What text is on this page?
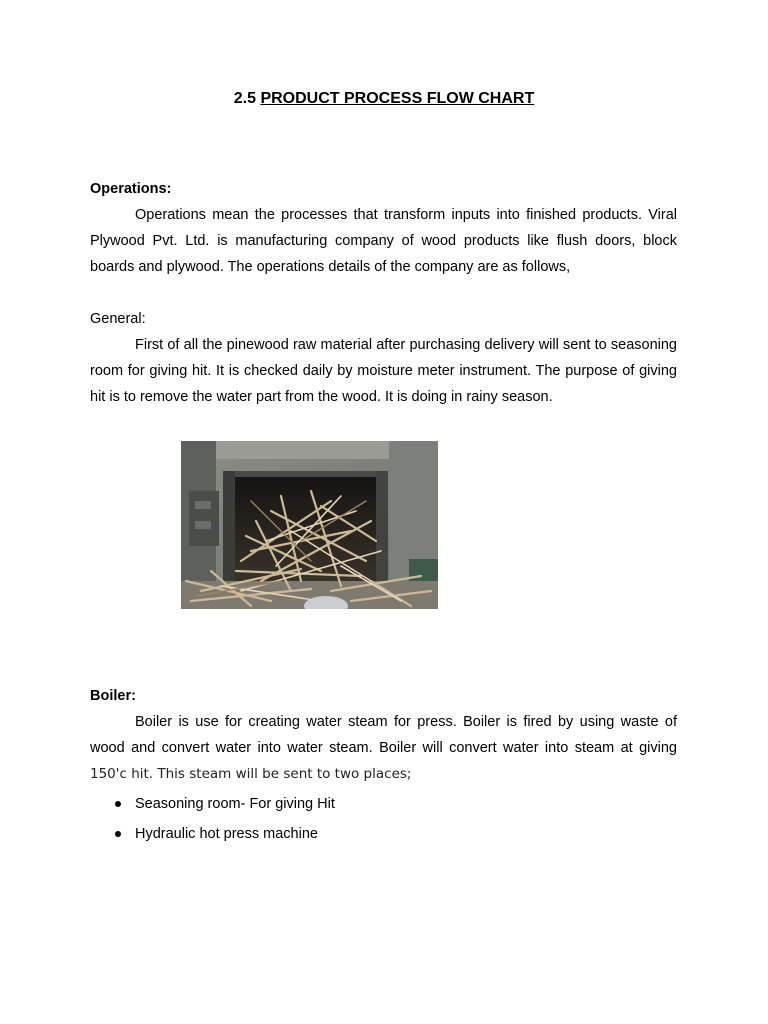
2.5 PRODUCT PROCESS FLOW CHART
Operations:
Operations mean the processes that transform inputs into finished products. Viral Plywood Pvt. Ltd. is manufacturing company of wood products like flush doors, block boards and plywood. The operations details of the company are as follows,
General:
First of all the pinewood raw material after purchasing delivery will sent to seasoning room for giving hit. It is checked daily by moisture meter instrument. The purpose of giving hit is to remove the water part from the wood. It is doing in rainy season.
Boiler:
Boiler is use for creating water steam for press. Boiler is fired by using waste of wood and convert water into water steam. Boiler will convert water into steam at giving 150'c hit. This steam will be sent to two places;
Seasoning room- For giving Hit
Hydraulic hot press machine
